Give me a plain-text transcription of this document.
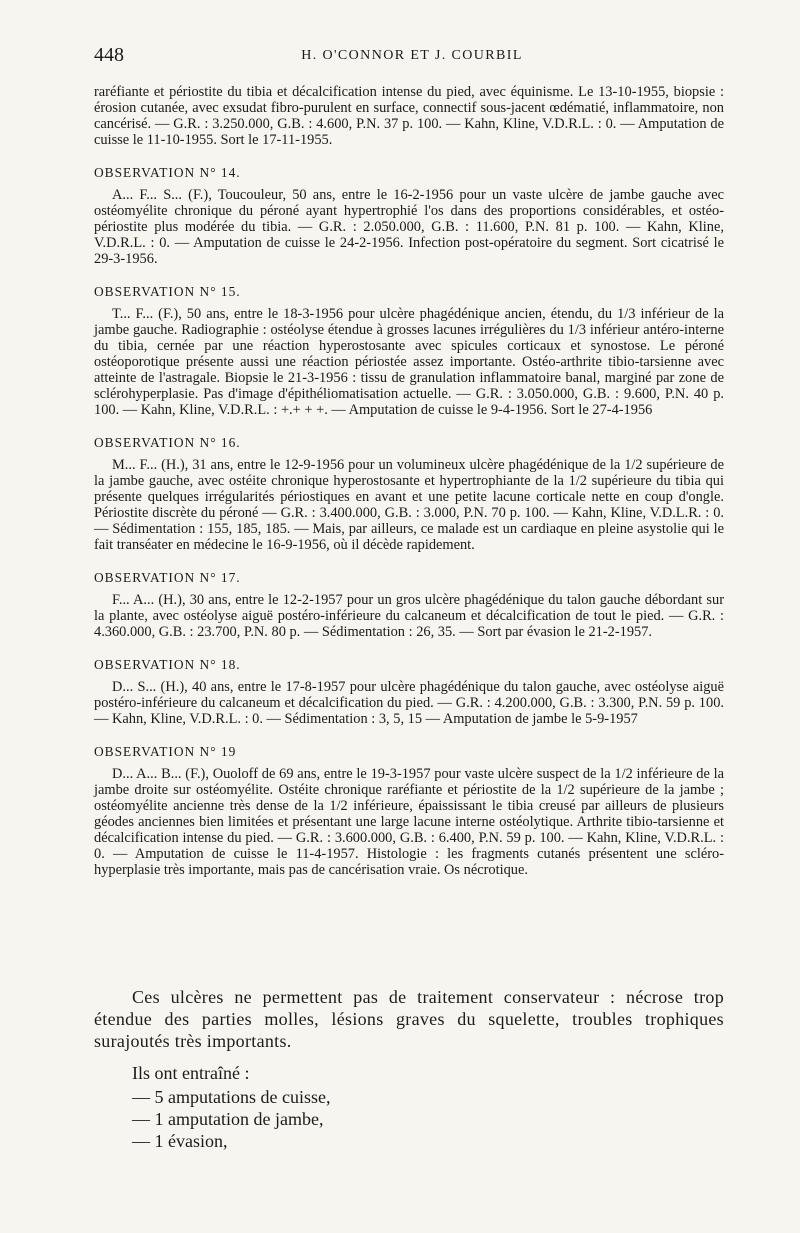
448	H. O'CONNOR ET J. COURBIL

raréfiante et périostite du tibia et décalcification intense du pied, avec équinisme. Le 13-10-1955, biopsie : érosion cutanée, avec exsudat fibro-purulent en surface, connectif sous-jacent œdématié, inflammatoire, non cancérisé. — G.R. : 3.250.000, G.B. : 4.600, P.N. 37 p. 100. — Kahn, Kline, V.D.R.L. : 0. — Amputation de cuisse le 11-10-1955. Sort le 17-11-1955.

OBSERVATION N° 14.

A... F... S... (F.), Toucouleur, 50 ans, entre le 16-2-1956 pour un vaste ulcère de jambe gauche avec ostéomyélite chronique du péroné ayant hypertrophié l'os dans des proportions considérables, et ostéo-périostite plus modérée du tibia. — G.R. : 2.050.000, G.B. : 11.600, P.N. 81 p. 100. — Kahn, Kline, V.D.R.L. : 0. — Amputation de cuisse le 24-2-1956. Infection post-opératoire du segment. Sort cicatrisé le 29-3-1956.

OBSERVATION N° 15.

T... F... (F.), 50 ans, entre le 18-3-1956 pour ulcère phagédénique ancien, étendu, du 1/3 inférieur de la jambe gauche. Radiographie : ostéolyse étendue à grosses lacunes irrégulières du 1/3 inférieur antéro-interne du tibia, cernée par une réaction hyperostosante avec spicules corticaux et synostose. Le péroné ostéoporotique présente aussi une réaction périostée assez importante. Ostéo-arthrite tibio-tarsienne avec atteinte de l'astragale. Biopsie le 21-3-1956 : tissu de granulation inflammatoire banal, marginé par zone de sclérohyperplasie. Pas d'image d'épithéliomatisation actuelle. — G.R. : 3.050.000, G.B. : 9.600, P.N. 40 p. 100. — Kahn, Kline, V.D.R.L. : +.+ + +. — Amputation de cuisse le 9-4-1956. Sort le 27-4-1956

OBSERVATION N° 16.

M... F... (H.), 31 ans, entre le 12-9-1956 pour un volumineux ulcère phagédénique de la 1/2 supérieure de la jambe gauche, avec ostéite chronique hyperostosante et hypertrophiante de la 1/2 supérieure du tibia qui présente quelques irrégularités périostiques en avant et une petite lacune corticale nette en coup d'ongle. Périostite discrète du péroné — G.R. : 3.400.000, G.B. : 3.000, P.N. 70 p. 100. — Kahn, Kline, V.D.L.R. : 0. — Sédimentation : 155, 185, 185. — Mais, par ailleurs, ce malade est un cardiaque en pleine asystolie qui le fait transéater en médecine le 16-9-1956, où il décède rapidement.

OBSERVATION N° 17.

F... A... (H.), 30 ans, entre le 12-2-1957 pour un gros ulcère phagédénique du talon gauche débordant sur la plante, avec ostéolyse aiguë postéro-inférieure du calcaneum et décalcification de tout le pied. — G.R. : 4.360.000, G.B. : 23.700, P.N. 80 p. — Sédimentation : 26, 35. — Sort par évasion le 21-2-1957.

OBSERVATION N° 18.

D... S... (H.), 40 ans, entre le 17-8-1957 pour ulcère phagédénique du talon gauche, avec ostéolyse aiguë postéro-inférieure du calcaneum et décalcification du pied. — G.R. : 4.200.000, G.B. : 3.300, P.N. 59 p. 100. — Kahn, Kline, V.D.R.L. : 0. — Sédimentation : 3, 5, 15 — Amputation de jambe le 5-9-1957

OBSERVATION N° 19

D... A... B... (F.), Ouoloff de 69 ans, entre le 19-3-1957 pour vaste ulcère suspect de la 1/2 inférieure de la jambe droite sur ostéomyélite. Ostéite chronique raréfiante et périostite de la 1/2 supérieure de la jambe ; ostéomyélite ancienne très dense de la 1/2 inférieure, épaississant le tibia creusé par ailleurs de plusieurs géodes anciennes bien limitées et présentant une large lacune interne ostéolytique. Arthrite tibio-tarsienne et décalcification intense du pied. — G.R. : 3.600.000, G.B. : 6.400, P.N. 59 p. 100. — Kahn, Kline, V.D.R.L. : 0. — Amputation de cuisse le 11-4-1957. Histologie : les fragments cutanés présentent une scléro-hyperplasie très importante, mais pas de cancérisation vraie. Os nécrotique.

Ces ulcères ne permettent pas de traitement conservateur : nécrose trop étendue des parties molles, lésions graves du squelette, troubles trophiques surajoutés très importants.

Ils ont entraîné :
— 5 amputations de cuisse,
— 1 amputation de jambe,
— 1 évasion,
